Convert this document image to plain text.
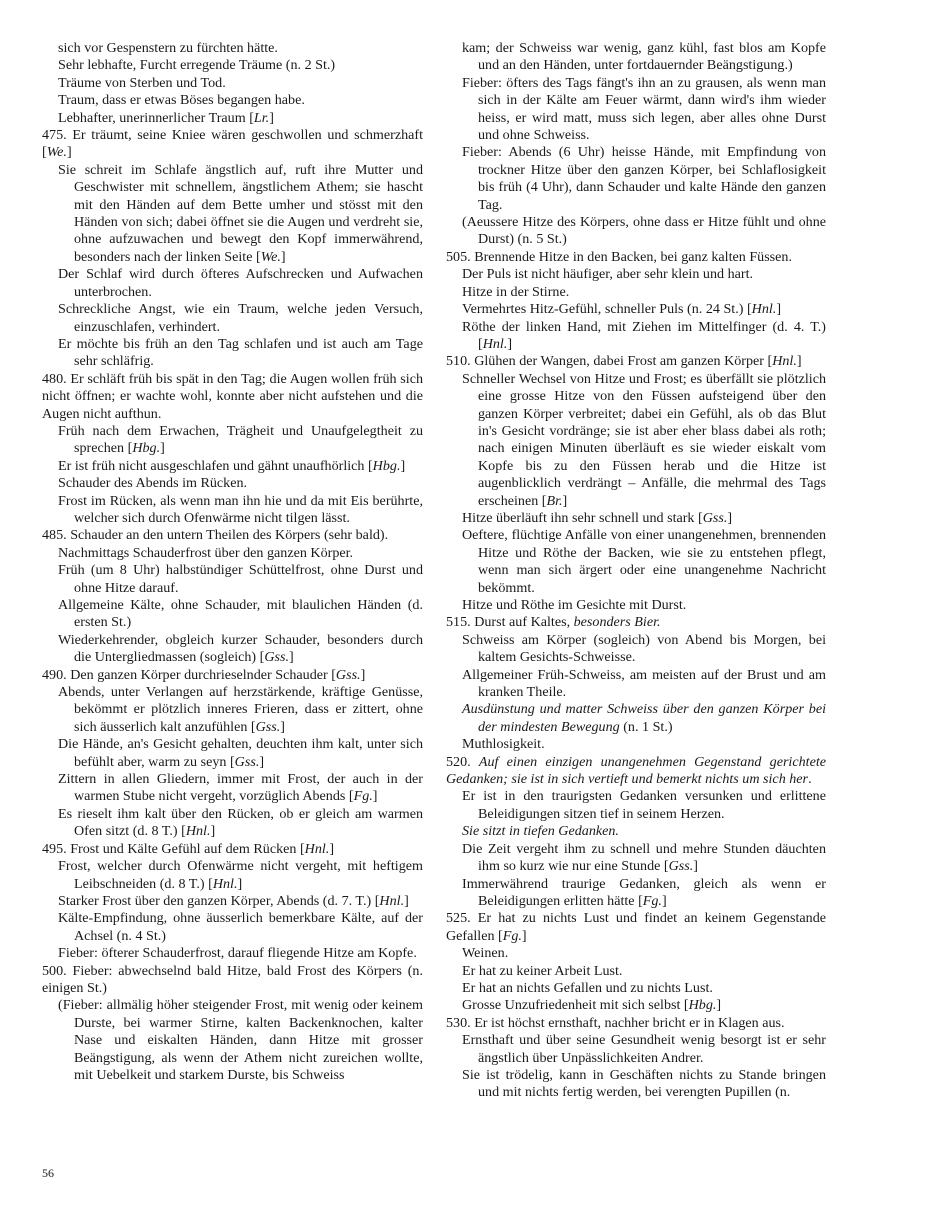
sich vor Gespenstern zu fürchten hätte.

Sehr lebhafte, Furcht erregende Träume (n. 2 St.)

Träume von Sterben und Tod.

Traum, dass er etwas Böses begangen habe.

Lebhafter, unerinnerlicher Traum [Lr.]

475. Er träumt, seine Kniee wären geschwollen und schmerzhaft [We.]

Sie schreit im Schlafe ängstlich auf, ruft ihre Mutter und Geschwister mit schnellem, ängstlichem Athem; sie hascht mit den Händen auf dem Bette umher und stösst mit den Händen von sich; dabei öffnet sie die Augen und verdreht sie, ohne aufzuwachen und bewegt den Kopf immerwährend, besonders nach der linken Seite [We.]

Der Schlaf wird durch öfteres Aufschrecken und Aufwachen unterbrochen.

Schreckliche Angst, wie ein Traum, welche jeden Versuch, einzuschlafen, verhindert.

Er möchte bis früh an den Tag schlafen und ist auch am Tage sehr schläfrig.

480. Er schläft früh bis spät in den Tag; die Augen wollen früh sich nicht öffnen; er wachte wohl, konnte aber nicht aufstehen und die Augen nicht aufthun.

Früh nach dem Erwachen, Trägheit und Unaufgelegtheit zu sprechen [Hbg.]

Er ist früh nicht ausgeschlafen und gähnt unaufhörlich [Hbg.]

Schauder des Abends im Rücken.

Frost im Rücken, als wenn man ihn hie und da mit Eis berührte, welcher sich durch Ofenwärme nicht tilgen lässt.

485. Schauder an den untern Theilen des Körpers (sehr bald).

Nachmittags Schauderfrost über den ganzen Körper.

Früh (um 8 Uhr) halbstündiger Schüttelfrost, ohne Durst und ohne Hitze darauf.

Allgemeine Kälte, ohne Schauder, mit blaulichen Händen (d. ersten St.)

Wiederkehrender, obgleich kurzer Schauder, besonders durch die Untergliedmassen (sogleich) [Gss.]

490. Den ganzen Körper durchrieselnder Schauder [Gss.]

Abends, unter Verlangen auf herzstärkende, kräftige Genüsse, bekömmt er plötzlich inneres Frieren, dass er zittert, ohne sich äusserlich kalt anzufühlen [Gss.]

Die Hände, an's Gesicht gehalten, deuchten ihm kalt, unter sich befühlt aber, warm zu seyn [Gss.]

Zittern in allen Gliedern, immer mit Frost, der auch in der warmen Stube nicht vergeht, vorzüglich Abends [Fg.]

Es rieselt ihm kalt über den Rücken, ob er gleich am warmen Ofen sitzt (d. 8 T.) [Hnl.]

495. Frost und Kälte Gefühl auf dem Rücken [Hnl.]

Frost, welcher durch Ofenwärme nicht vergeht, mit heftigem Leibschneiden (d. 8 T.) [Hnl.]

Starker Frost über den ganzen Körper, Abends (d. 7. T.) [Hnl.]

Kälte-Empfindung, ohne äusserlich bemerkbare Kälte, auf der Achsel (n. 4 St.)

Fieber: öfterer Schauderfrost, darauf fliegende Hitze am Kopfe.

500. Fieber: abwechselnd bald Hitze, bald Frost des Körpers (n. einigen St.)

(Fieber: allmälig höher steigender Frost, mit wenig oder keinem Durste, bei warmer Stirne, kalten Backenknochen, kalter Nase und eiskalten Händen, dann Hitze mit grosser Beängstigung, als wenn der Athem nicht zureichen wollte, mit Uebelkeit und starkem Durste, bis Schweiss

kam; der Schweiss war wenig, ganz kühl, fast blos am Kopfe und an den Händen, unter fortdauernder Beängstigung.)

Fieber: öfters des Tags fängt's ihn an zu grausen, als wenn man sich in der Kälte am Feuer wärmt, dann wird's ihm wieder heiss, er wird matt, muss sich legen, aber alles ohne Durst und ohne Schweiss.

Fieber: Abends (6 Uhr) heisse Hände, mit Empfindung von trockner Hitze über den ganzen Körper, bei Schlaflosigkeit bis früh (4 Uhr), dann Schauder und kalte Hände den ganzen Tag.

(Aeussere Hitze des Körpers, ohne dass er Hitze fühlt und ohne Durst) (n. 5 St.)

505. Brennende Hitze in den Backen, bei ganz kalten Füssen.

Der Puls ist nicht häufiger, aber sehr klein und hart.

Hitze in der Stirne.

Vermehrtes Hitz-Gefühl, schneller Puls (n. 24 St.) [Hnl.]

Röthe der linken Hand, mit Ziehen im Mittelfinger (d. 4. T.) [Hnl.]

510. Glühen der Wangen, dabei Frost am ganzen Körper [Hnl.]

Schneller Wechsel von Hitze und Frost; es überfällt sie plötzlich eine grosse Hitze von den Füssen aufsteigend über den ganzen Körper verbreitet; dabei ein Gefühl, als ob das Blut in's Gesicht vordränge; sie ist aber eher blass dabei als roth; nach einigen Minuten überläuft es sie wieder eiskalt vom Kopfe bis zu den Füssen herab und die Hitze ist augenblicklich verdrängt – Anfälle, die mehrmal des Tags erscheinen [Br.]

Hitze überläuft ihn sehr schnell und stark [Gss.]

Oeftere, flüchtige Anfälle von einer unangenehmen, brennenden Hitze und Röthe der Backen, wie sie zu entstehen pflegt, wenn man sich ärgert oder eine unangenehme Nachricht bekömmt.

Hitze und Röthe im Gesichte mit Durst.

515. Durst auf Kaltes, besonders Bier.

Schweiss am Körper (sogleich) von Abend bis Morgen, bei kaltem Gesichts-Schweisse.

Allgemeiner Früh-Schweiss, am meisten auf der Brust und am kranken Theile.

Ausdünstung und matter Schweiss über den ganzen Körper bei der mindesten Bewegung (n. 1 St.)

Muthlosigkeit.

520. Auf einen einzigen unangenehmen Gegenstand gerichtete Gedanken; sie ist in sich vertieft und bemerkt nichts um sich her.

Er ist in den traurigsten Gedanken versunken und erlittene Beleidigungen sitzen tief in seinem Herzen.

Sie sitzt in tiefen Gedanken.

Die Zeit vergeht ihm zu schnell und mehre Stunden däuchten ihm so kurz wie nur eine Stunde [Gss.]

Immerwährend traurige Gedanken, gleich als wenn er Beleidigungen erlitten hätte [Fg.]

525. Er hat zu nichts Lust und findet an keinem Gegenstande Gefallen [Fg.]

Weinen.

Er hat zu keiner Arbeit Lust.

Er hat an nichts Gefallen und zu nichts Lust.

Grosse Unzufriedenheit mit sich selbst [Hbg.]

530. Er ist höchst ernsthaft, nachher bricht er in Klagen aus.

Ernsthaft und über seine Gesundheit wenig besorgt ist er sehr ängstlich über Unpässlichkeiten Andrer.

Sie ist trödelig, kann in Geschäften nichts zu Stande bringen und mit nichts fertig werden, bei verengten Pupillen (n.

56
